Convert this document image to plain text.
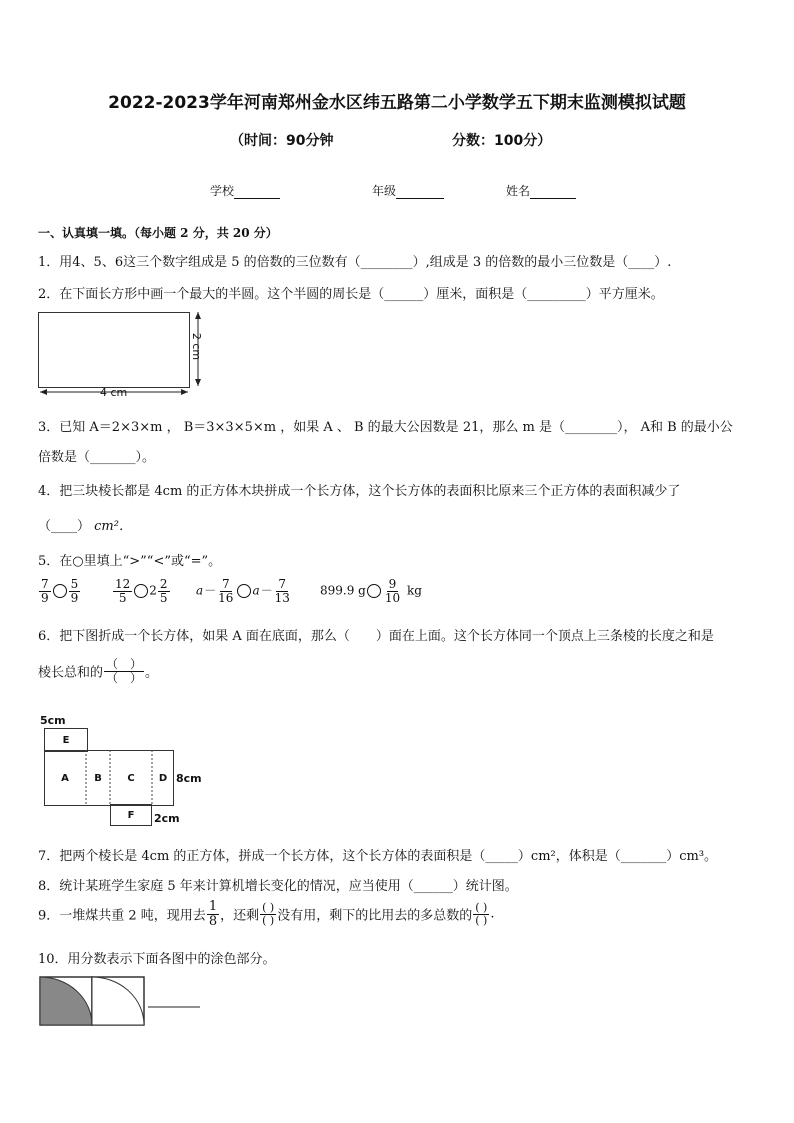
2022-2023学年河南郑州金水区纬五路第二小学数学五下期末监测模拟试题
（时间：90分钟	分数：100分）
学校	年级	姓名
一、认真填一填。（每小题 2 分，共 20 分）
1．用4、5、6这三个数字组成是 5 的倍数的三位数有（________）,组成是 3 的倍数的最小三位数是（____）.
2．在下面长方形中画一个最大的半圆。这个半圆的周长是（______）厘米，面积是（_________）平方厘米。
4 cm
2 cm
3．已知 A＝2×3×m ， B＝3×3×5×m ，如果 A 、 B 的最大公因数是 21，那么 m 是（________）， A和 B 的最小公
倍数是（_______）。
4．把三块棱长都是 4cm 的正方体木块拼成一个长方体，这个长方体的表面积比原来三个正方体的表面积减少了
（____） cm²．
5．在○里填上“>”“<”或“=”。
$\frac{7}{9} \frac{5}{9}$	$\frac{12}{5} 2 \frac{2}{5} a- \frac{7}{16} a- \frac{7}{13} 899.9$ g $\frac{9}{10}$ kg
6．把下图折成一个长方体，如果 A 面在底面，那么（　　）面在上面。这个长方体同一个顶点上三条棱的长度之和是
棱长总和的 $\frac{( )}{( )}$ 。
5cm
E
A	B	C	D
F
8cm
2cm
7．把两个棱长是 4cm 的正方体，拼成一个长方体，这个长方体的表面积是（_____）cm²，体积是（_______）cm³。
8．统计某班学生家庭 5 年来计算机增长变化的情况，应当使用（______）统计图。
9．一堆煤共重 2 吨，现用去 $\frac{1}{8}$ ，还剩 $\frac{( )}{( )}$ 没有用，剩下的比用去的多总数的 $\frac{( )}{( )}$ .
10．用分数表示下面各图中的涂色部分。
